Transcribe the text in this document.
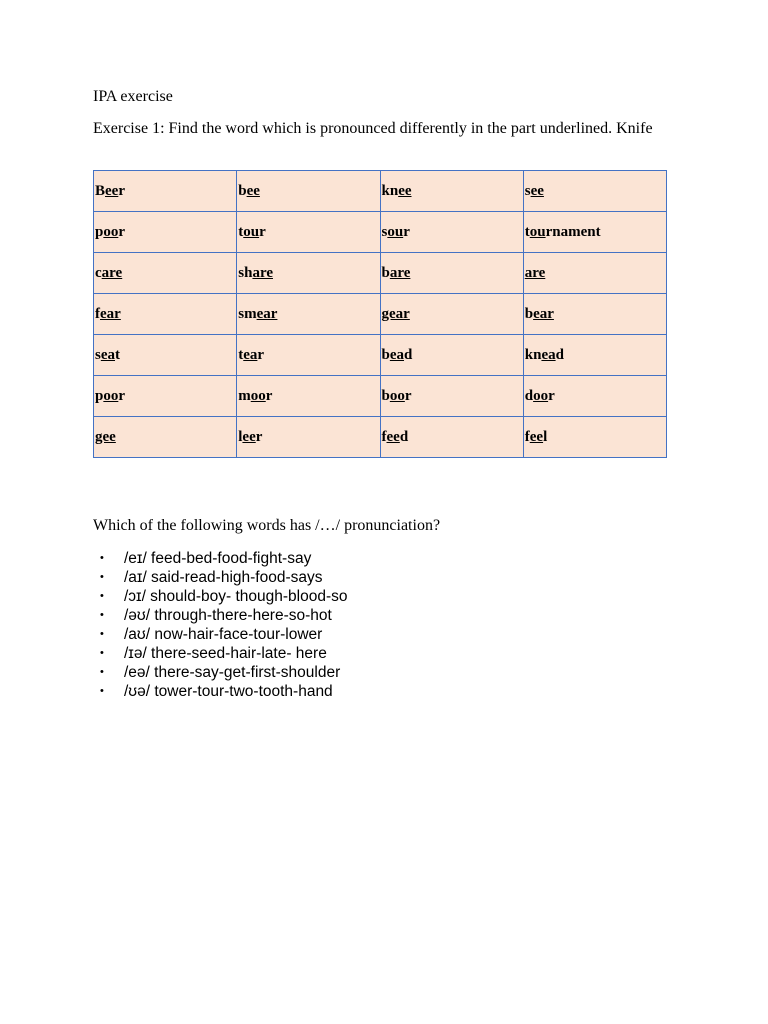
IPA exercise
Exercise 1: Find the word which is pronounced differently in the part underlined. Knife
Beer	bee	knee	see
poor	tour	sour	tournament
care	share	bare	are
fear	smear	gear	bear
seat	tear	bead	knead
poor	moor	boor	door
gee	leer	feed	feel
Which of the following words has /…/ pronunciation?
• /eɪ/ feed-bed-food-fight-say
• /aɪ/ said-read-high-food-says
• /ɔɪ/ should-boy- though-blood-so
• /əʊ/ through-there-here-so-hot
• /aʊ/ now-hair-face-tour-lower
• /ɪə/ there-seed-hair-late- here
• /eə/ there-say-get-first-shoulder
• /ʊə/ tower-tour-two-tooth-hand
